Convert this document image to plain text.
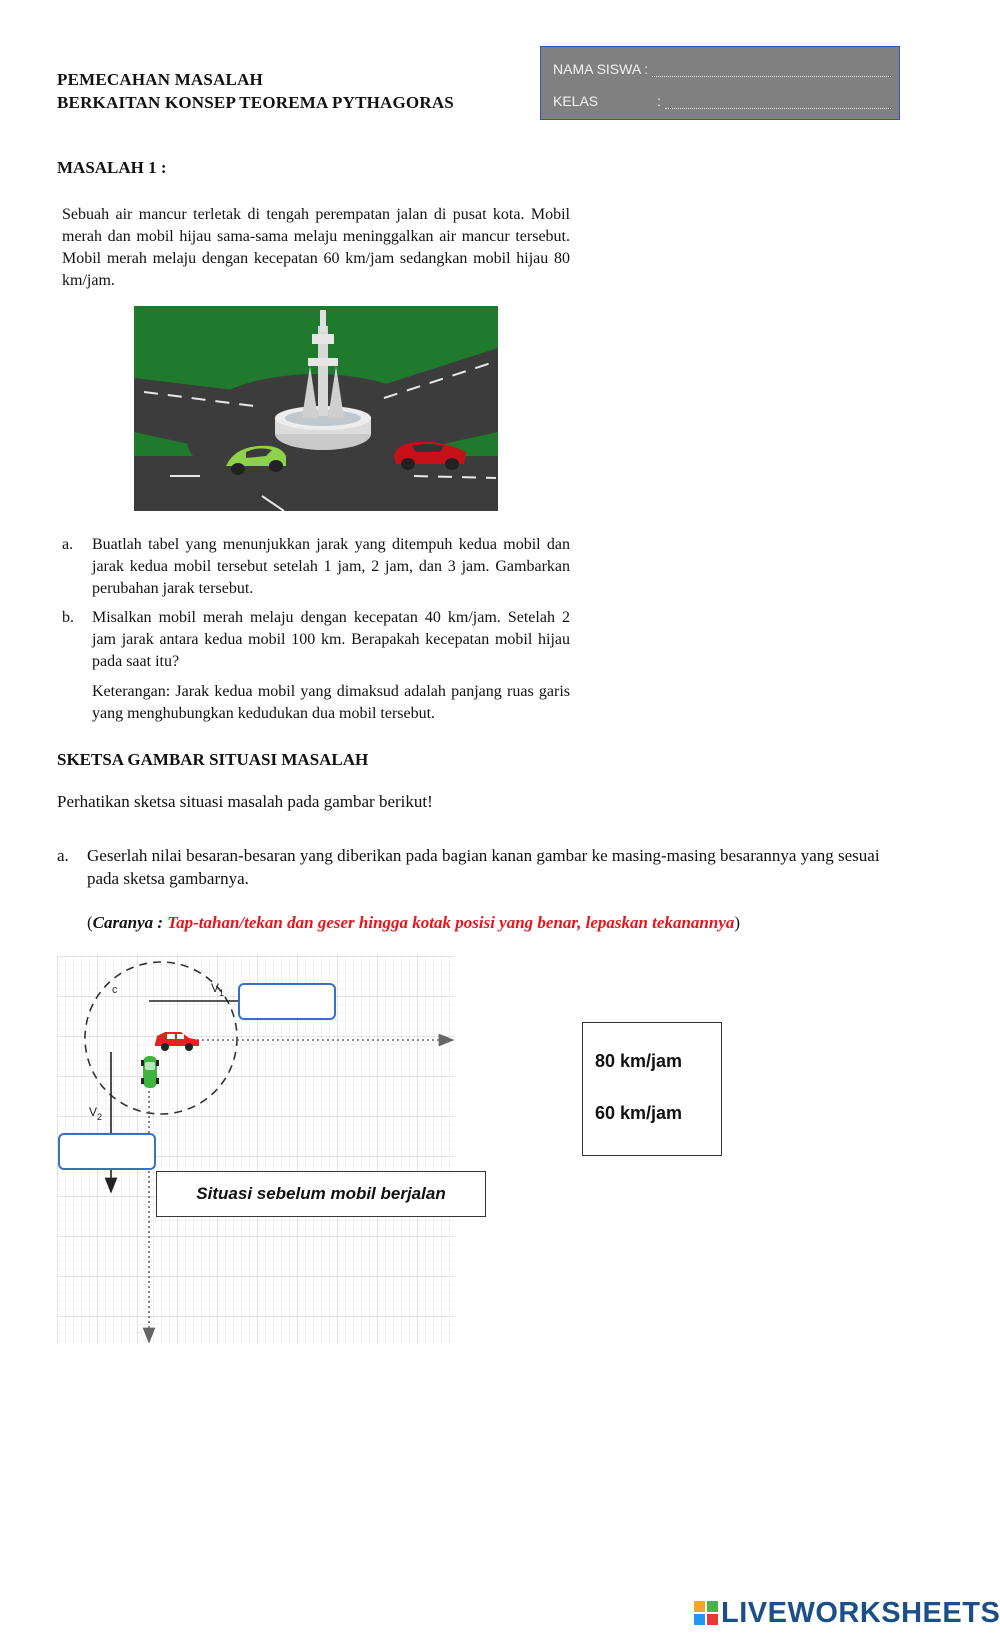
PEMECAHAN MASALAH
BERKAITAN KONSEP TEOREMA PYTHAGORAS
NAMA SISWA :
KELAS	:
MASALAH 1 :
Sebuah air mancur terletak di tengah perempatan jalan di pusat kota. Mobil merah dan mobil hijau sama-sama melaju meninggalkan air mancur tersebut. Mobil merah melaju dengan kecepatan 60 km/jam sedangkan mobil hijau 80 km/jam.
a. Buatlah tabel yang menunjukkan jarak yang ditempuh kedua mobil dan jarak kedua mobil tersebut setelah 1 jam, 2 jam, dan 3 jam. Gambarkan perubahan jarak tersebut.
b. Misalkan mobil merah melaju dengan kecepatan 40 km/jam. Setelah 2 jam jarak antara kedua mobil 100 km. Berapakah kecepatan mobil hijau pada saat itu?
Keterangan: Jarak kedua mobil yang dimaksud adalah panjang ruas garis yang menghubungkan kedudukan dua mobil tersebut.
SKETSA GAMBAR SITUASI MASALAH
Perhatikan sketsa situasi masalah pada gambar berikut!
a. Geserlah nilai besaran-besaran yang diberikan pada bagian kanan gambar ke masing-masing besarannya yang sesuai pada sketsa gambarnya.
(Caranya : Tap-tahan/tekan dan geser hingga kotak posisi yang benar, lepaskan tekanannya)
c	$V_1$
$V_2$
Situasi sebelum mobil berjalan
80 km/jam
60 km/jam
LIVEWORKSHEETS
